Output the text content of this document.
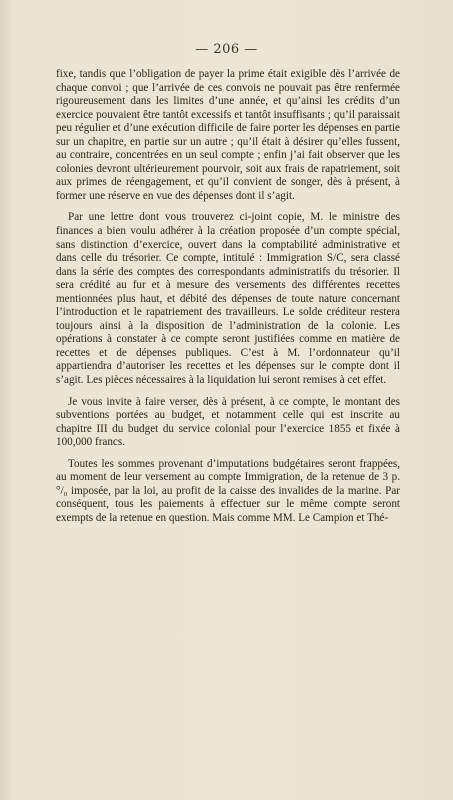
— 206 —

fixe, tandis que l’obligation de payer la prime était exigible dès l’arrivée de chaque convoi ; que l’arrivée de ces convois ne pouvait pas être renfermée rigoureusement dans les limites d’une année, et qu’ainsi les crédits d’un exercice pouvaient être tantôt excessifs et tantôt insuffisants ; qu’il paraissait peu régulier et d’une exécution difficile de faire porter les dépenses en partie sur un chapitre, en partie sur un autre ; qu’il était à désirer qu’elles fussent, au contraire, concentrées en un seul compte ; enfin j’ai fait observer que les colonies devront ultérieurement pourvoir, soit aux frais de rapatriement, soit aux primes de réengagement, et qu’il convient de songer, dès à présent, à former une réserve en vue des dépenses dont il s’agit.

Par une lettre dont vous trouverez ci-joint copie, M. le ministre des finances a bien voulu adhérer à la création proposée d’un compte spécial, sans distinction d’exercice, ouvert dans la comptabilité administrative et dans celle du trésorier. Ce compte, intitulé : Immigration S/C, sera classé dans la série des comptes des correspondants administratifs du trésorier. Il sera crédité au fur et à mesure des versements des différentes recettes mentionnées plus haut, et débité des dépenses de toute nature concernant l’introduction et le rapatriement des travailleurs. Le solde créditeur restera toujours ainsi à la disposition de l’administration de la colonie. Les opérations à constater à ce compte seront justifiées comme en matière de recettes et de dépenses publiques. C’est à M. l’ordonnateur qu’il appartiendra d’autoriser les recettes et les dépenses sur le compte dont il s’agit. Les pièces nécessaires à la liquidation lui seront remises à cet effet.

Je vous invite à faire verser, dès à présent, à ce compte, le montant des subventions portées au budget, et notamment celle qui est inscrite au chapitre III du budget du service colonial pour l’exercice 1855 et fixée à 100,000 francs.

Toutes les sommes provenant d’imputations budgétaires seront frappées, au moment de leur versement au compte Immigration, de la retenue de 3 p. °/₀ imposée, par la loi, au profit de la caisse des invalides de la marine. Par conséquent, tous les paiements à effectuer sur le même compte seront exempts de la retenue en question. Mais comme MM. Le Campion et Thé-
